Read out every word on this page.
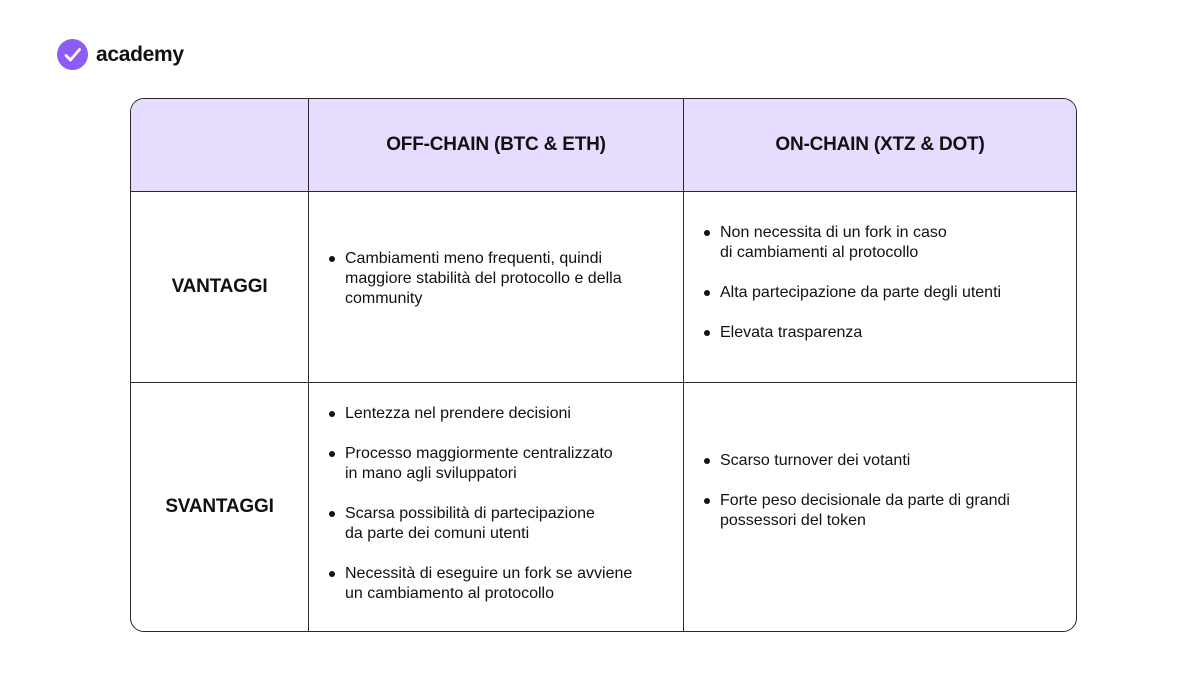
academy
OFF-CHAIN (BTC & ETH)	ON-CHAIN (XTZ & DOT)
VANTAGGI
Cambiamenti meno frequenti, quindi
maggiore stabilità del protocollo e della
community
Non necessita di un fork in caso
di cambiamenti al protocollo
Alta partecipazione da parte degli utenti
Elevata trasparenza
SVANTAGGI
Lentezza nel prendere decisioni
Processo maggiormente centralizzato
in mano agli sviluppatori
Scarsa possibilità di partecipazione
da parte dei comuni utenti
Necessità di eseguire un fork se avviene
un cambiamento al protocollo
Scarso turnover dei votanti
Forte peso decisionale da parte di grandi
possessori del token
